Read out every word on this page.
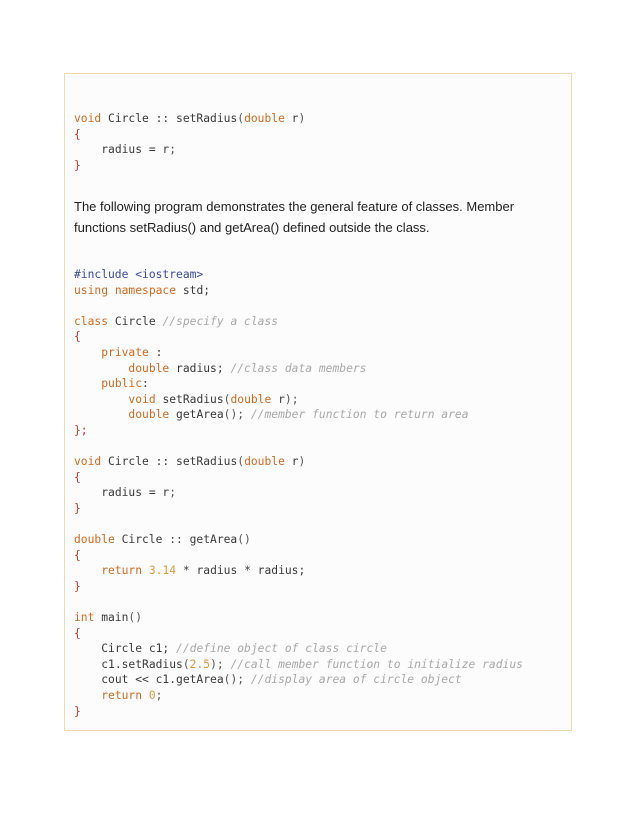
void Circle :: setRadius(double r)
{
radius = r;
}

The following program demonstrates the general feature of classes. Member
functions setRadius() and getArea() defined outside the class.

#include <iostream>
using namespace std;

class Circle //specify a class
{
private :
double radius; //class data members
public:
void setRadius(double r);
double getArea(); //member function to return area
};

void Circle :: setRadius(double r)
{
radius = r;
}

double Circle :: getArea()
{
return 3.14 * radius * radius;
}

int main()
{
Circle c1; //define object of class circle
c1.setRadius(2.5); //call member function to initialize radius
cout << c1.getArea(); //display area of circle object
return 0;
}
